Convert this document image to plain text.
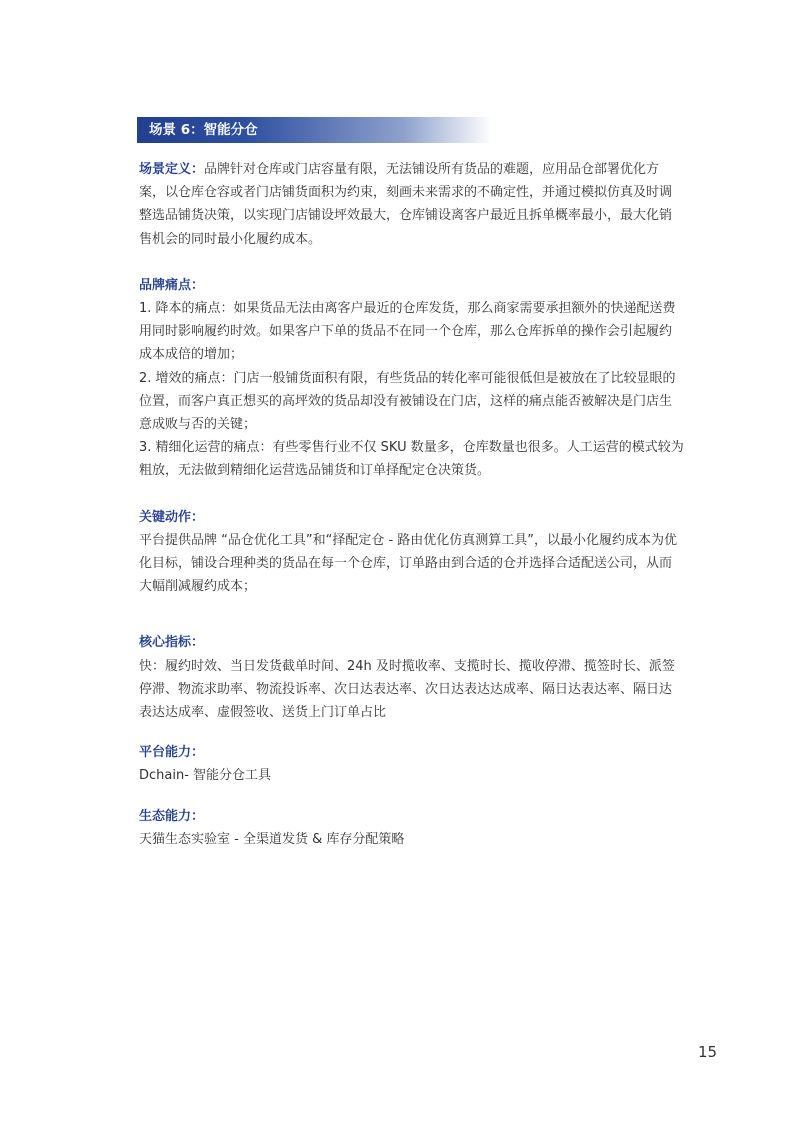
场景 6：智能分仓

场景定义：品牌针对仓库或门店容量有限，无法铺设所有货品的难题，应用品仓部署优化方案，以仓库仓容或者门店铺货面积为约束，刻画未来需求的不确定性，并通过模拟仿真及时调整选品铺货决策，以实现门店铺设坪效最大，仓库铺设离客户最近且拆单概率最小，最大化销售机会的同时最小化履约成本。

品牌痛点：

1. 降本的痛点：如果货品无法由离客户最近的仓库发货，那么商家需要承担额外的快递配送费用同时影响履约时效。如果客户下单的货品不在同一个仓库，那么仓库拆单的操作会引起履约成本成倍的增加；

2. 增效的痛点：门店一般铺货面积有限，有些货品的转化率可能很低但是被放在了比较显眼的位置，而客户真正想买的高坪效的货品却没有被铺设在门店，这样的痛点能否被解决是门店生意成败与否的关键；

3. 精细化运营的痛点：有些零售行业不仅 SKU 数量多，仓库数量也很多。人工运营的模式较为粗放，无法做到精细化运营选品铺货和订单择配定仓决策货。

关键动作：

平台提供品牌 “品仓优化工具”和“择配定仓 - 路由优化仿真测算工具”，以最小化履约成本为优化目标，铺设合理种类的货品在每一个仓库，订单路由到合适的仓并选择合适配送公司，从而大幅削减履约成本；

核心指标：

快：履约时效、当日发货截单时间、24h 及时揽收率、支揽时长、揽收停滞、揽签时长、派签停滞、物流求助率、物流投诉率、次日达表达率、次日达表达达成率、隔日达表达率、隔日达表达达成率、虚假签收、送货上门订单占比

平台能力：

Dchain- 智能分仓工具

生态能力：

天猫生态实验室 - 全渠道发货 & 库存分配策略

15
